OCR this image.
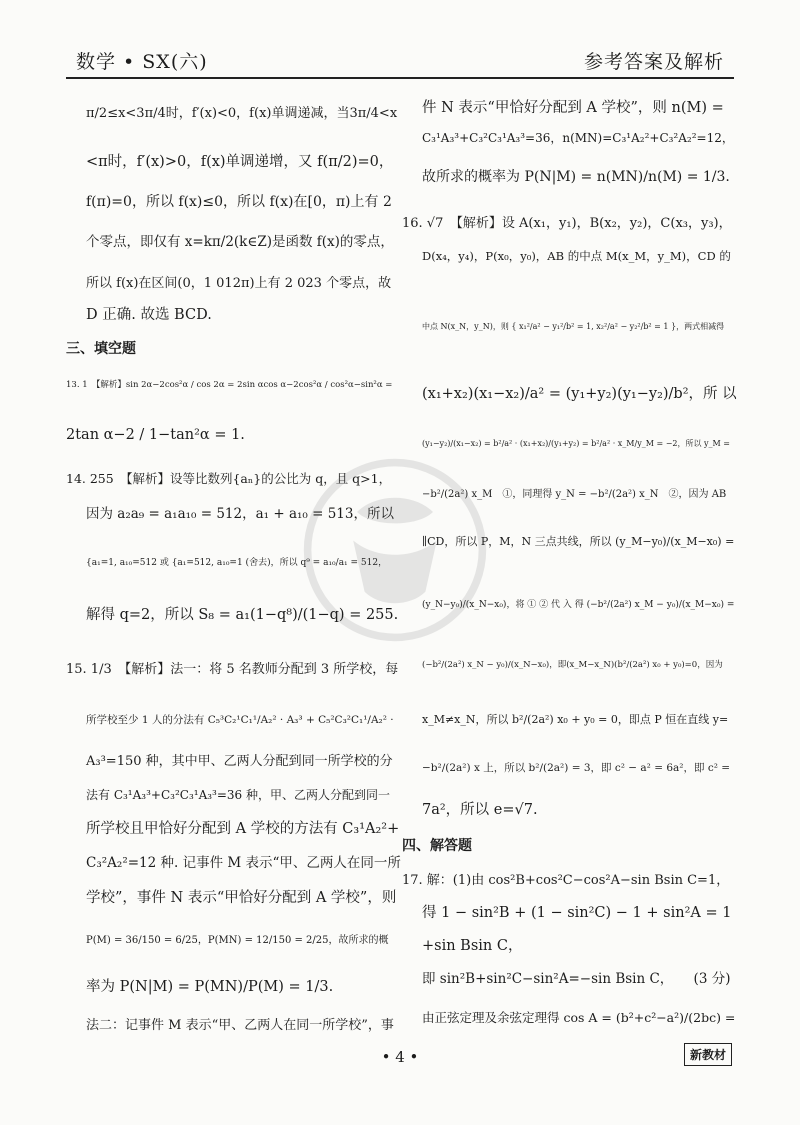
数学 • SX(六)	参考答案及解析
π/2≤x<3π/4时，f′(x)<0，f(x)单调递减，当3π/4<x
<π时，f′(x)>0，f(x)单调递增，又 f(π/2)=0，
f(π)=0，所以 f(x)≤0，所以 f(x)在[0，π)上有 2
个零点，即仅有 x=kπ/2(k∈Z)是函数 f(x)的零点，
所以 f(x)在区间(0，1 012π)上有 2 023 个零点，故
D 正确. 故选 BCD.
三、填空题
13. 1　【解析】sin 2α−2cos²α / cos 2α = 2sin αcos α−2cos²α / cos²α−sin²α =
2tan α−2 / 1−tan²α = 1.
14. 255　【解析】设等比数列{aₙ}的公比为 q，且 q>1，
因为 a₂a₉ = a₁a₁₀ = 512，a₁ + a₁₀ = 513，所以
{a₁=1, a₁₀=512 或 {a₁=512, a₁₀=1 (舍去)，所以 q⁹ = a₁₀/a₁ = 512，
解得 q=2，所以 S₈ = a₁(1−q⁸)/(1−q) = 255.
15. 1/3　【解析】法一：将 5 名教师分配到 3 所学校，每
所学校至少 1 人的分法有 C₅³C₂¹C₁¹/A₂² · A₃³ + C₅²C₃²C₁¹/A₂² ·
A₃³=150 种，其中甲、乙两人分配到同一所学校的分
法有 C₃¹A₃³+C₃²C₃¹A₃³=36 种，甲、乙两人分配到同一
所学校且甲恰好分配到 A 学校的方法有 C₃¹A₂²+
C₃²A₂²=12 种. 记事件 M 表示“甲、乙两人在同一所
学校”，事件 N 表示“甲恰好分配到 A 学校”，则
P(M) = 36/150 = 6/25，P(MN) = 12/150 = 2/25，故所求的概
率为 P(N|M) = P(MN)/P(M) = 1/3.
法二：记事件 M 表示“甲、乙两人在同一所学校”，事
件 N 表示“甲恰好分配到 A 学校”，则 n(M) =
C₃¹A₃³+C₃²C₃¹A₃³=36，n(MN)=C₃¹A₂²+C₃²A₂²=12，
故所求的概率为 P(N|M) = n(MN)/n(M) = 1/3.
16. √7　【解析】设 A(x₁，y₁)，B(x₂，y₂)，C(x₃，y₃)，
D(x₄，y₄)，P(x₀，y₀)，AB 的中点 M(x_M，y_M)，CD 的
中点 N(x_N，y_N)，则 { x₁²/a² − y₁²/b² = 1, x₂²/a² − y₂²/b² = 1 }，两式相减得
(x₁+x₂)(x₁−x₂)/a² = (y₁+y₂)(y₁−y₂)/b²，所 以
(y₁−y₂)/(x₁−x₂) = b²/a² · (x₁+x₂)/(y₁+y₂) = b²/a² · x_M/y_M = −2，所以 y_M =
−b²/(2a²) x_M　①，同理得 y_N = −b²/(2a²) x_N　②，因为 AB
∥CD，所以 P，M，N 三点共线，所以 (y_M−y₀)/(x_M−x₀) =
(y_N−y₀)/(x_N−x₀)，将 ① ② 代 入 得 (−b²/(2a²) x_M − y₀)/(x_M−x₀) =
(−b²/(2a²) x_N − y₀)/(x_N−x₀)，即(x_M−x_N)(b²/(2a²) x₀ + y₀)=0，因为
x_M≠x_N，所以 b²/(2a²) x₀ + y₀ = 0，即点 P 恒在直线 y=
−b²/(2a²) x 上，所以 b²/(2a²) = 3，即 c² − a² = 6a²，即 c² =
7a²，所以 e=√7.
四、解答题
17. 解：(1)由 cos²B+cos²C−cos²A−sin Bsin C=1，
得 1 − sin²B + (1 − sin²C) − 1 + sin²A = 1
+sin Bsin C，
即 sin²B+sin²C−sin²A=−sin Bsin C，　　(3 分)
由正弦定理及余弦定理得 cos A = (b²+c²−a²)/(2bc) =
• 4 •	新教材
